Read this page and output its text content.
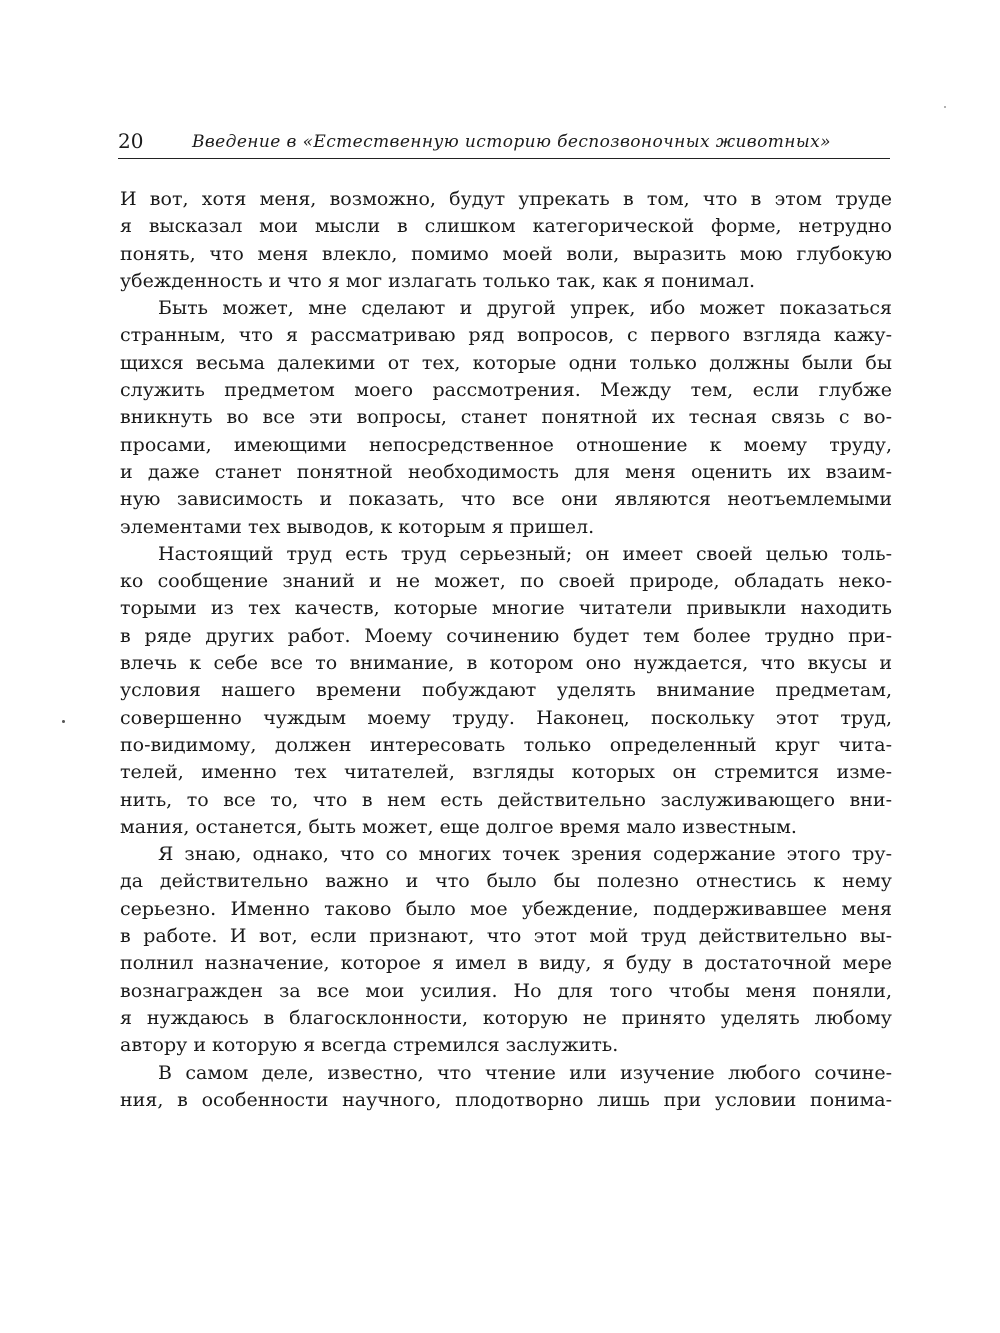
20	Введение в «Естественную историю беспозвоночных животных»
И вот, хотя меня, возможно, будут упрекать в том, что в этом труде
я высказал мои мысли в слишком категорической форме, нетрудно
понять, что меня влекло, помимо моей воли, выразить мою глубокую
убежденность и что я мог излагать только так, как я понимал.
Быть может, мне сделают и другой упрек, ибо может показаться
странным, что я рассматриваю ряд вопросов, с первого взгляда кажу-
щихся весьма далекими от тех, которые одни только должны были бы
служить предметом моего рассмотрения. Между тем, если глубже
вникнуть во все эти вопросы, станет понятной их тесная связь с во-
просами, имеющими непосредственное отношение к моему труду,
и даже станет понятной необходимость для меня оценить их взаим-
ную зависимость и показать, что все они являются неотъемлемыми
элементами тех выводов, к которым я пришел.
Настоящий труд есть труд серьезный; он имеет своей целью толь-
ко сообщение знаний и не может, по своей природе, обладать неко-
торыми из тех качеств, которые многие читатели привыкли находить
в ряде других работ. Моему сочинению будет тем более трудно при-
влечь к себе все то внимание, в котором оно нуждается, что вкусы и
условия нашего времени побуждают уделять внимание предметам,
совершенно чуждым моему труду. Наконец, поскольку этот труд,
по-видимому, должен интересовать только определенный круг чита-
телей, именно тех читателей, взгляды которых он стремится изме-
нить, то все то, что в нем есть действительно заслуживающего вни-
мания, останется, быть может, еще долгое время мало известным.
Я знаю, однако, что со многих точек зрения содержание этого тру-
да действительно важно и что было бы полезно отнестись к нему
серьезно. Именно таково было мое убеждение, поддерживавшее меня
в работе. И вот, если признают, что этот мой труд действительно вы-
полнил назначение, которое я имел в виду, я буду в достаточной мере
вознагражден за все мои усилия. Но для того чтобы меня поняли,
я нуждаюсь в благосклонности, которую не принято уделять любому
автору и которую я всегда стремился заслужить.
В самом деле, известно, что чтение или изучение любого сочине-
ния, в особенности научного, плодотворно лишь при условии понима-
